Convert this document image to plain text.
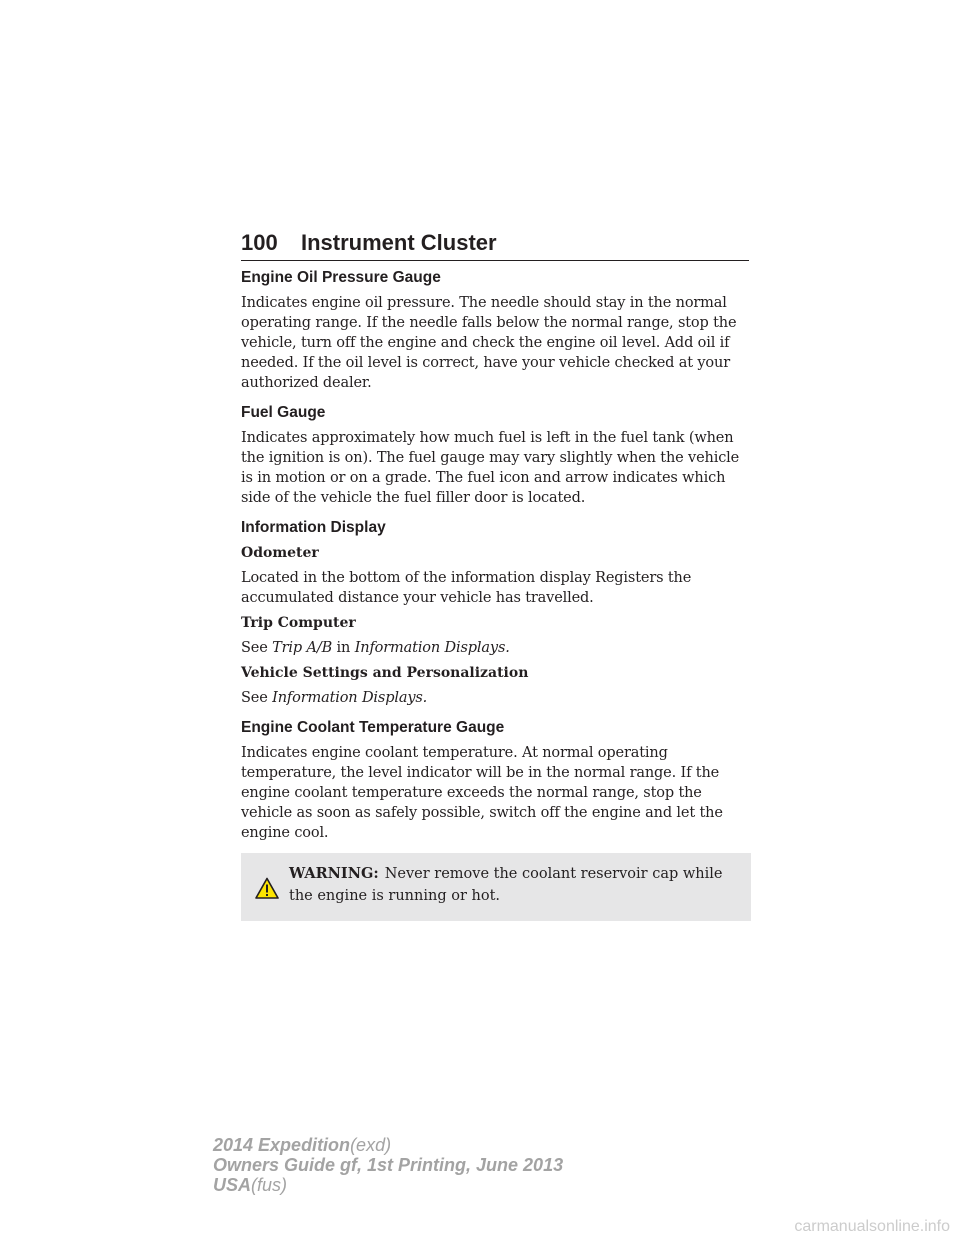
100 Instrument Cluster
Engine Oil Pressure Gauge

Indicates engine oil pressure. The needle should stay in the normal operating range. If the needle falls below the normal range, stop the vehicle, turn off the engine and check the engine oil level. Add oil if needed. If the oil level is correct, have your vehicle checked at your authorized dealer.

Fuel Gauge

Indicates approximately how much fuel is left in the fuel tank (when the ignition is on). The fuel gauge may vary slightly when the vehicle is in motion or on a grade. The fuel icon and arrow indicates which side of the vehicle the fuel filler door is located.

Information Display
Odometer

Located in the bottom of the information display Registers the accumulated distance your vehicle has travelled.

Trip Computer

See Trip A/B in Information Displays.

Vehicle Settings and Personalization

See Information Displays.

Engine Coolant Temperature Gauge

Indicates engine coolant temperature. At normal operating temperature, the level indicator will be in the normal range. If the engine coolant temperature exceeds the normal range, stop the vehicle as soon as safely possible, switch off the engine and let the engine cool.

WARNING: Never remove the coolant reservoir cap while the engine is running or hot.
2014 Expedition(exd)
Owners Guide gf, 1st Printing, June 2013
USA(fus)
carmanualsonline.info
